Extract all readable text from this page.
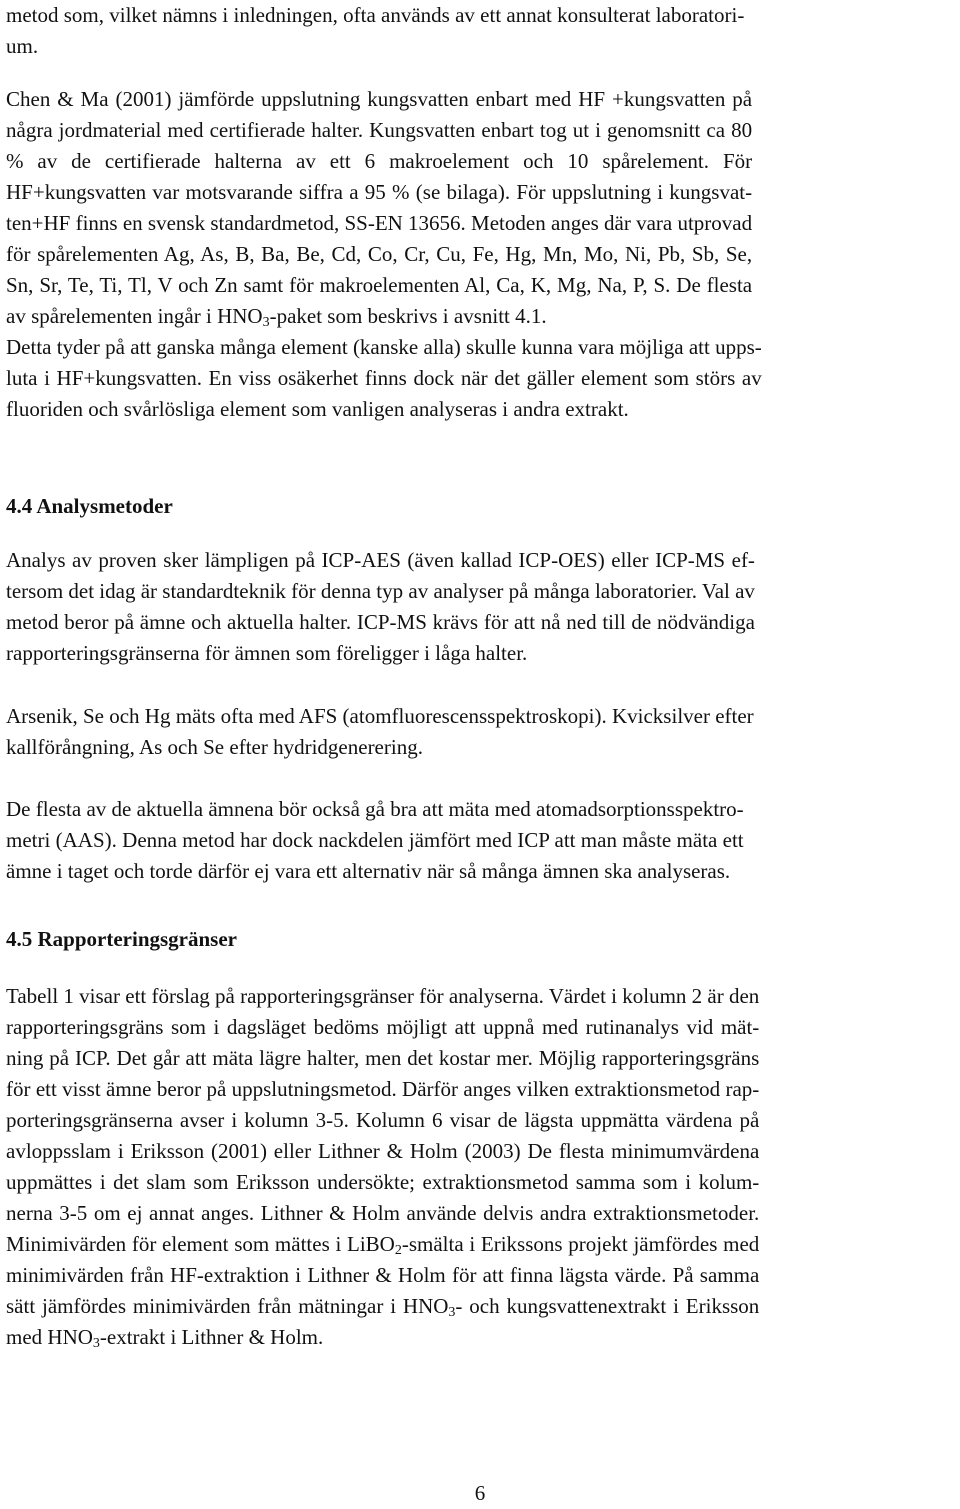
metod som, vilket nämns i inledningen, ofta används av ett annat konsulterat laboratori-
um.

Chen & Ma (2001) jämförde uppslutning kungsvatten enbart med HF +kungsvatten på
några jordmaterial med certifierade halter. Kungsvatten enbart tog ut i genomsnitt ca 80
% av de certifierade halterna av ett 6 makroelement och 10 spårelement. För
HF+kungsvatten var motsvarande siffra a 95 % (se bilaga). För uppslutning i kungsvat-
ten+HF finns en svensk standardmetod, SS-EN 13656. Metoden anges där vara utprovad
för spårelementen Ag, As, B, Ba, Be, Cd, Co, Cr, Cu, Fe, Hg, Mn, Mo, Ni, Pb, Sb, Se,
Sn, Sr, Te, Ti, Tl, V och Zn samt för makroelementen Al, Ca, K, Mg, Na, P, S. De flesta
av spårelementen ingår i $HNO_3$-paket som beskrivs i avsnitt 4.1.

Detta tyder på att ganska många element (kanske alla) skulle kunna vara möjliga att upps-
luta i HF+kungsvatten. En viss osäkerhet finns dock när det gäller element som störs av
fluoriden och svårlösliga element som vanligen analyseras i andra extrakt.

4.4 Analysmetoder

Analys av proven sker lämpligen på ICP-AES (även kallad ICP-OES) eller ICP-MS ef-
tersom det idag är standardteknik för denna typ av analyser på många laboratorier. Val av
metod beror på ämne och aktuella halter. ICP-MS krävs för att nå ned till de nödvändiga
rapporteringsgränserna för ämnen som föreligger i låga halter.

Arsenik, Se och Hg mäts ofta med AFS (atomfluorescensspektroskopi). Kvicksilver efter
kallförångning, As och Se efter hydridgenerering.

De flesta av de aktuella ämnena bör också gå bra att mäta med atomadsorptionsspektro-
metri (AAS). Denna metod har dock nackdelen jämfört med ICP att man måste mäta ett
ämne i taget och torde därför ej vara ett alternativ när så många ämnen ska analyseras.

4.5 Rapporteringsgränser

Tabell 1 visar ett förslag på rapporteringsgränser för analyserna. Värdet i kolumn 2 är den
rapporteringsgräns som i dagsläget bedöms möjligt att uppnå med rutinanalys vid mät-
ning på ICP. Det går att mäta lägre halter, men det kostar mer. Möjlig rapporteringsgräns
för ett visst ämne beror på uppslutningsmetod. Därför anges vilken extraktionsmetod rap-
porteringsgränserna avser i kolumn 3-5. Kolumn 6 visar de lägsta uppmätta värdena på
avloppsslam i Eriksson (2001) eller Lithner & Holm (2003) De flesta minimumvärdena
uppmättes i det slam som Eriksson undersökte; extraktionsmetod samma som i kolum-
nerna 3-5 om ej annat anges. Lithner & Holm använde delvis andra extraktionsmetoder.
Minimivärden för element som mättes i LiBO$_2$-smälta i Erikssons projekt jämfördes med
minimivärden från HF-extraktion i Lithner & Holm för att finna lägsta värde. På samma
sätt jämfördes minimivärden från mätningar i $HNO_3-$ och kungsvattenextrakt i Eriksson
med $HNO_3$-extrakt i Lithner & Holm.

6
